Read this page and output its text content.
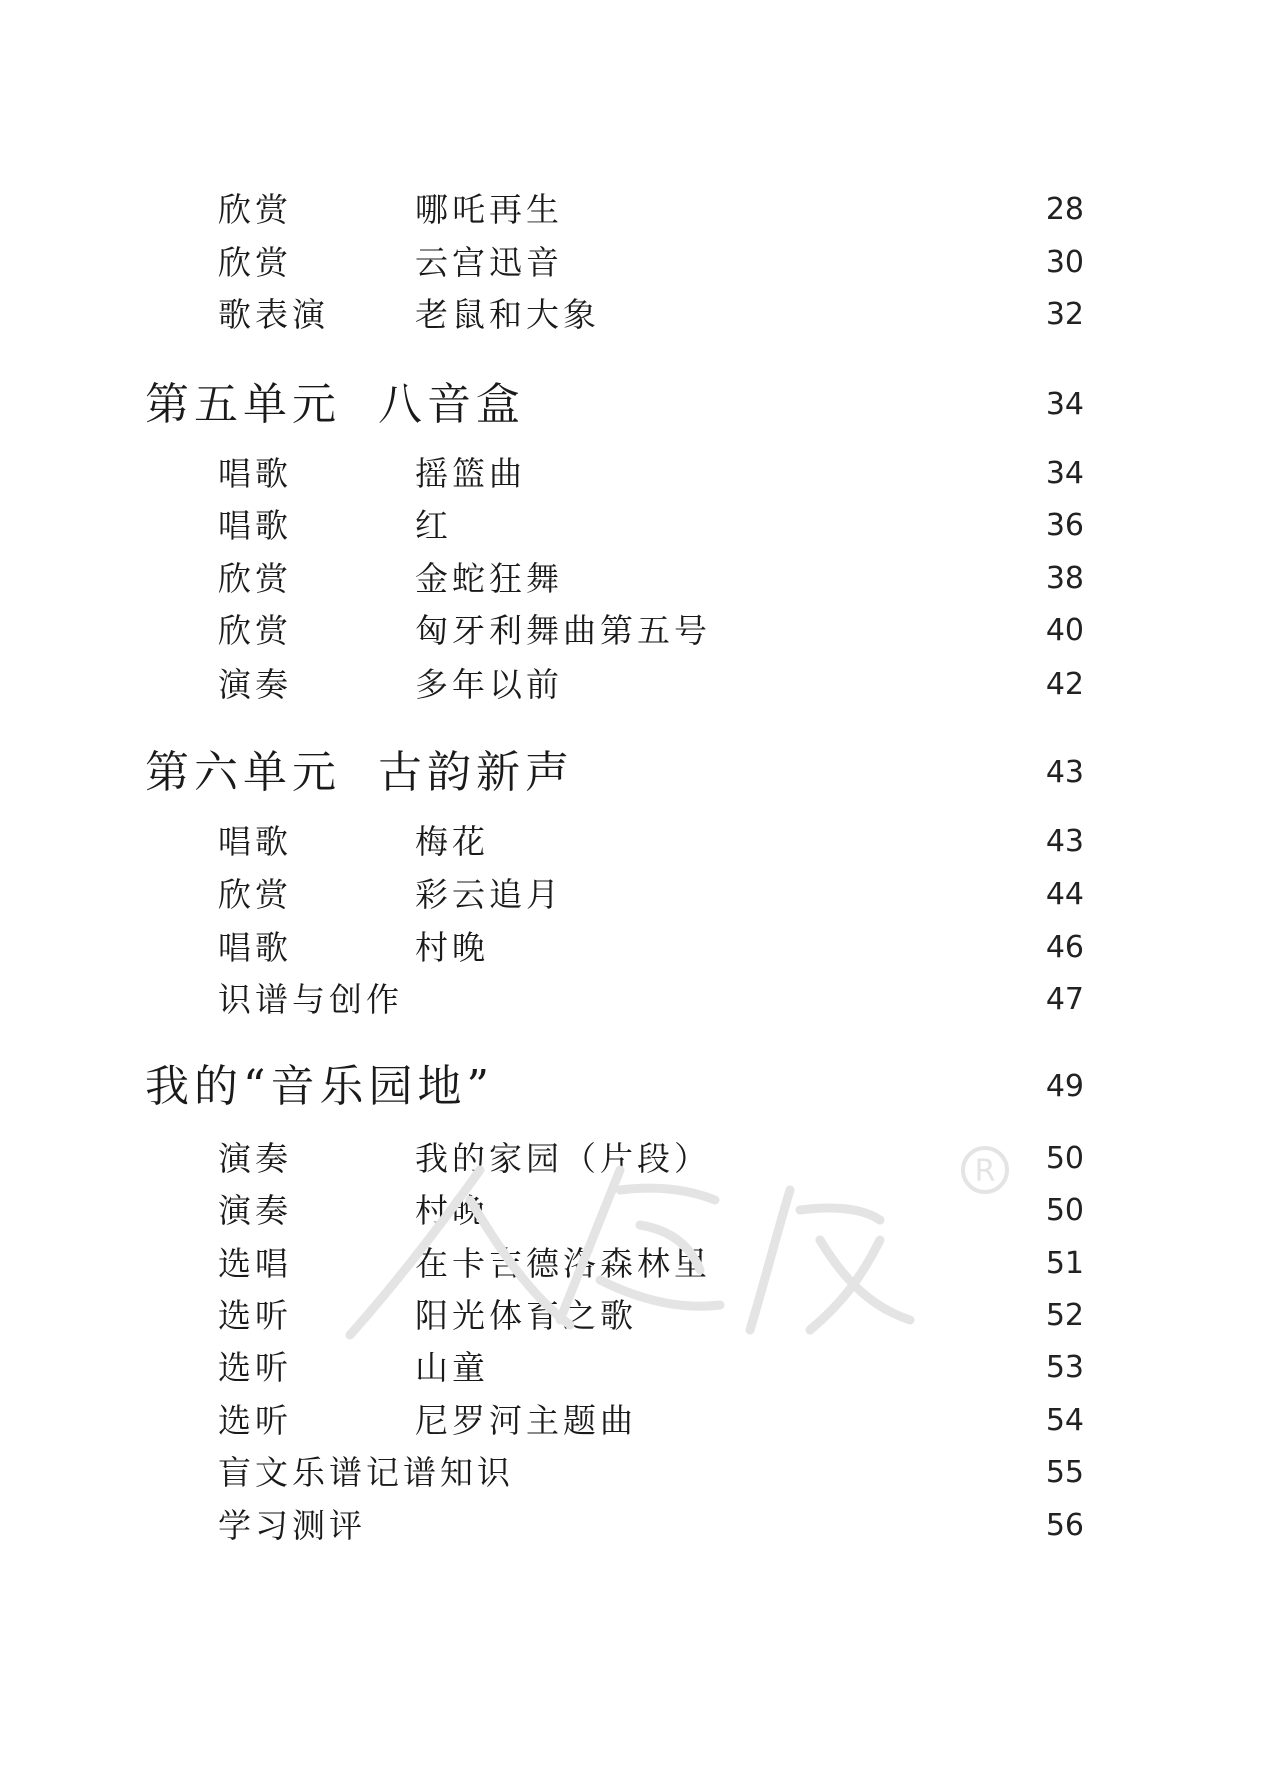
欣赏	哪吒再生	28
欣赏	云宫迅音	30
歌表演	老鼠和大象	32
第五单元 八音盒	34
唱歌	摇篮曲	34
唱歌	红	36
欣赏	金蛇狂舞	38
欣赏	匈牙利舞曲第五号	40
演奏	多年以前	42
第六单元 古韵新声	43
唱歌	梅花	43
欣赏	彩云追月	44
唱歌	村晚	46
识谱与创作	47
我的“音乐园地”	49
演奏	我的家园（片段）	50
演奏	村晚	50
选唱	在卡吉德洛森林里	51
选听	阳光体育之歌	52
选听	山童	53
选听	尼罗河主题曲	54
盲文乐谱记谱知识	55
学习测评	56
R
